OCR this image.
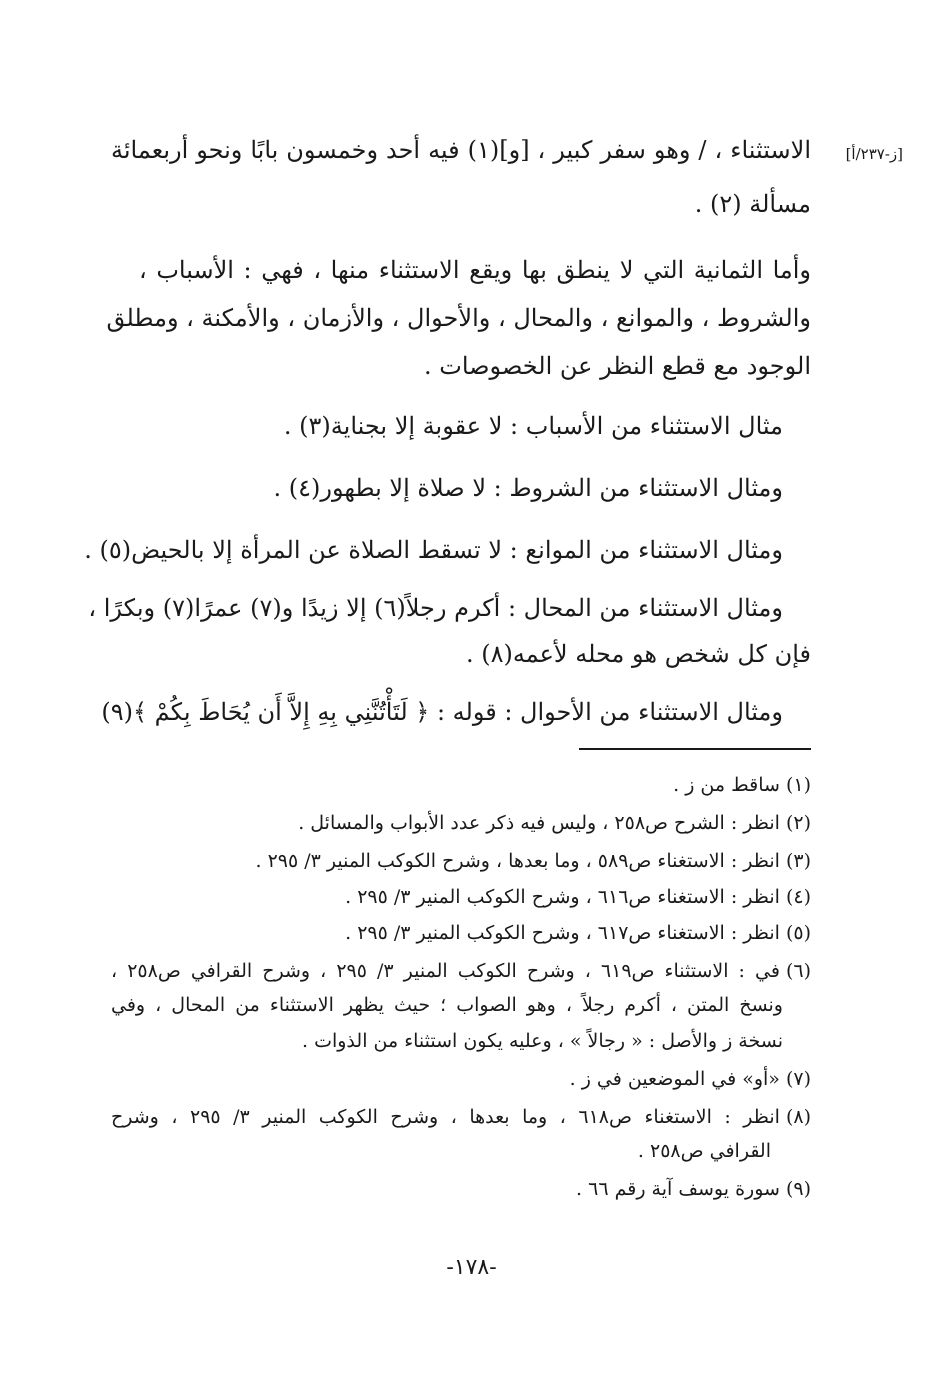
[ز-٢٣٧/أ]
الاستثناء ، / وهو سفر كبير ، [و](١) فيه أحد وخمسون بابًا ونحو أربعمائة
مسألة (٢) .
وأما الثمانية التي لا ينطق بها ويقع الاستثناء منها ، فهي : الأسباب ،
والشروط ، والموانع ، والمحال ، والأحوال ، والأزمان ، والأمكنة ، ومطلق
الوجود مع قطع النظر عن الخصوصات .
مثال الاستثناء من الأسباب : لا عقوبة إلا بجناية(٣) .
ومثال الاستثناء من الشروط : لا صلاة إلا بطهور(٤) .
ومثال الاستثناء من الموانع : لا تسقط الصلاة عن المرأة إلا بالحيض(٥) .
ومثال الاستثناء من المحال : أكرم رجلاً(٦) إلا زيدًا و(٧) عمرًا(٧) وبكرًا ،
فإن كل شخص هو محله لأعمه(٨) .
ومثال الاستثناء من الأحوال : قوله : ﴿ لَتَأْتُنَّنِي بِهِ إِلاَّ أَن يُحَاطَ بِكُمْ ﴾(٩)
(١)ساقط من ز .
(٢)انظر : الشرح ص٢٥٨ ، وليس فيه ذكر عدد الأبواب والمسائل .
(٣)انظر : الاستغناء ص٥٨٩ ، وما بعدها ، وشرح الكوكب المنير ٣/ ٢٩٥ .
(٤)انظر : الاستغناء ص٦١٦ ، وشرح الكوكب المنير ٣/ ٢٩٥ .
(٥)انظر : الاستغناء ص٦١٧ ، وشرح الكوكب المنير ٣/ ٢٩٥ .
(٦)في : الاستثناء ص٦١٩ ، وشرح الكوكب المنير ٣/ ٢٩٥ ، وشرح القرافي ص٢٥٨ ،
ونسخ المتن ، أكرم رجلاً ، وهو الصواب ؛ حيث يظهر الاستثناء من المحال ، وفي
نسخة ز والأصل : « رجالاً » ، وعليه يكون استثناء من الذوات .
(٧)«أو» في الموضعين في ز .
(٨)انظر : الاستغناء ص٦١٨ ، وما بعدها ، وشرح الكوكب المنير ٣/ ٢٩٥ ، وشرح
القرافي ص٢٥٨ .
(٩)سورة يوسف آية رقم ٦٦ .
-١٧٨-
